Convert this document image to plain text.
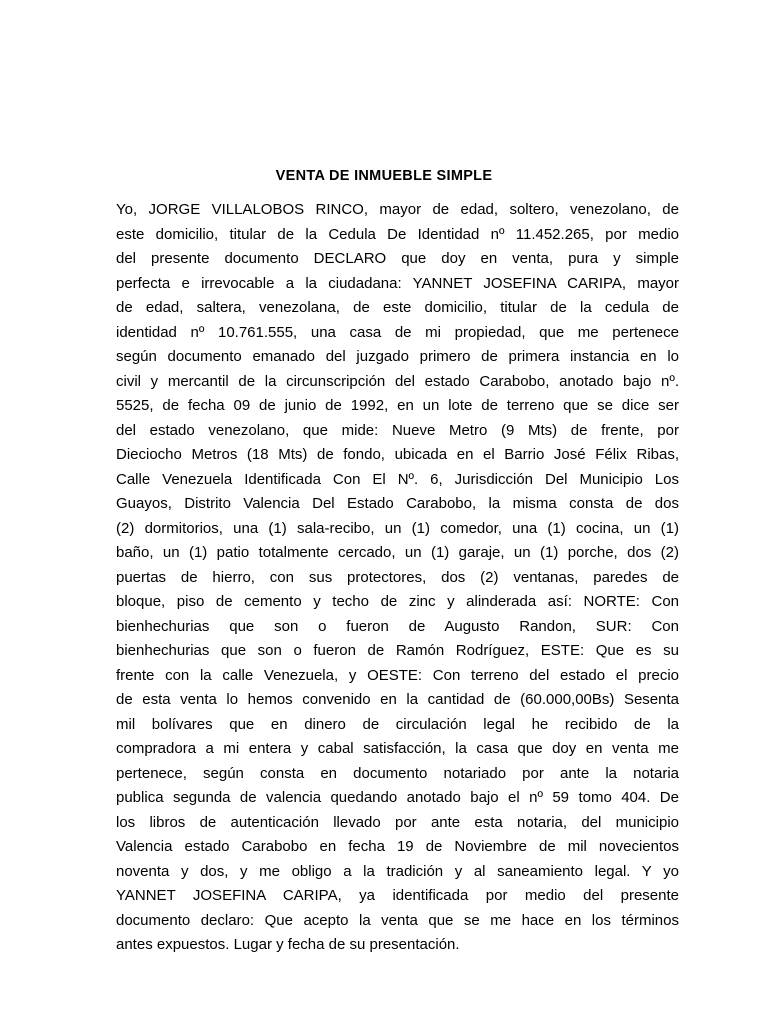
VENTA DE INMUEBLE SIMPLE
Yo, JORGE VILLALOBOS RINCO, mayor de edad, soltero, venezolano, de
este domicilio, titular de la Cedula De Identidad nº 11.452.265, por medio
del presente documento DECLARO que doy en venta, pura y simple
perfecta e irrevocable a la ciudadana: YANNET JOSEFINA CARIPA, mayor
de edad, saltera, venezolana, de este domicilio, titular de la cedula de
identidad nº 10.761.555, una casa de mi propiedad, que me pertenece
según documento emanado del juzgado primero de primera instancia en lo
civil y mercantil de la circunscripción del estado Carabobo, anotado bajo nº.
5525, de fecha 09 de junio de 1992, en un lote de terreno que se dice ser
del estado venezolano, que mide: Nueve Metro (9 Mts) de frente, por
Dieciocho Metros (18 Mts) de fondo, ubicada en el Barrio José Félix Ribas,
Calle Venezuela Identificada Con El Nº. 6, Jurisdicción Del Municipio Los
Guayos, Distrito Valencia Del Estado Carabobo, la misma consta de dos
(2) dormitorios, una (1) sala-recibo, un (1) comedor, una (1) cocina, un (1)
baño, un (1) patio totalmente cercado, un (1) garaje, un (1) porche, dos (2)
puertas de hierro, con sus protectores, dos (2) ventanas, paredes de
bloque, piso de cemento y techo de zinc y alinderada así: NORTE: Con
bienhechurias que son o fueron de Augusto Randon, SUR: Con
bienhechurias que son o fueron de Ramón Rodríguez, ESTE: Que es su
frente con la calle Venezuela, y OESTE: Con terreno del estado el precio
de esta venta lo hemos convenido en la cantidad de (60.000,00Bs) Sesenta
mil bolívares que en dinero de circulación legal he recibido de la
compradora a mi entera y cabal satisfacción, la casa que doy en venta me
pertenece, según consta en documento notariado por ante la notaria
publica segunda de valencia quedando anotado bajo el nº 59 tomo 404. De
los libros de autenticación llevado por ante esta notaria, del municipio
Valencia estado Carabobo en fecha 19 de Noviembre de mil novecientos
noventa y dos, y me obligo a la tradición y al saneamiento legal. Y yo
YANNET JOSEFINA CARIPA, ya identificada por medio del presente
documento declaro: Que acepto la venta que se me hace en los términos
antes expuestos. Lugar y fecha de su presentación.
